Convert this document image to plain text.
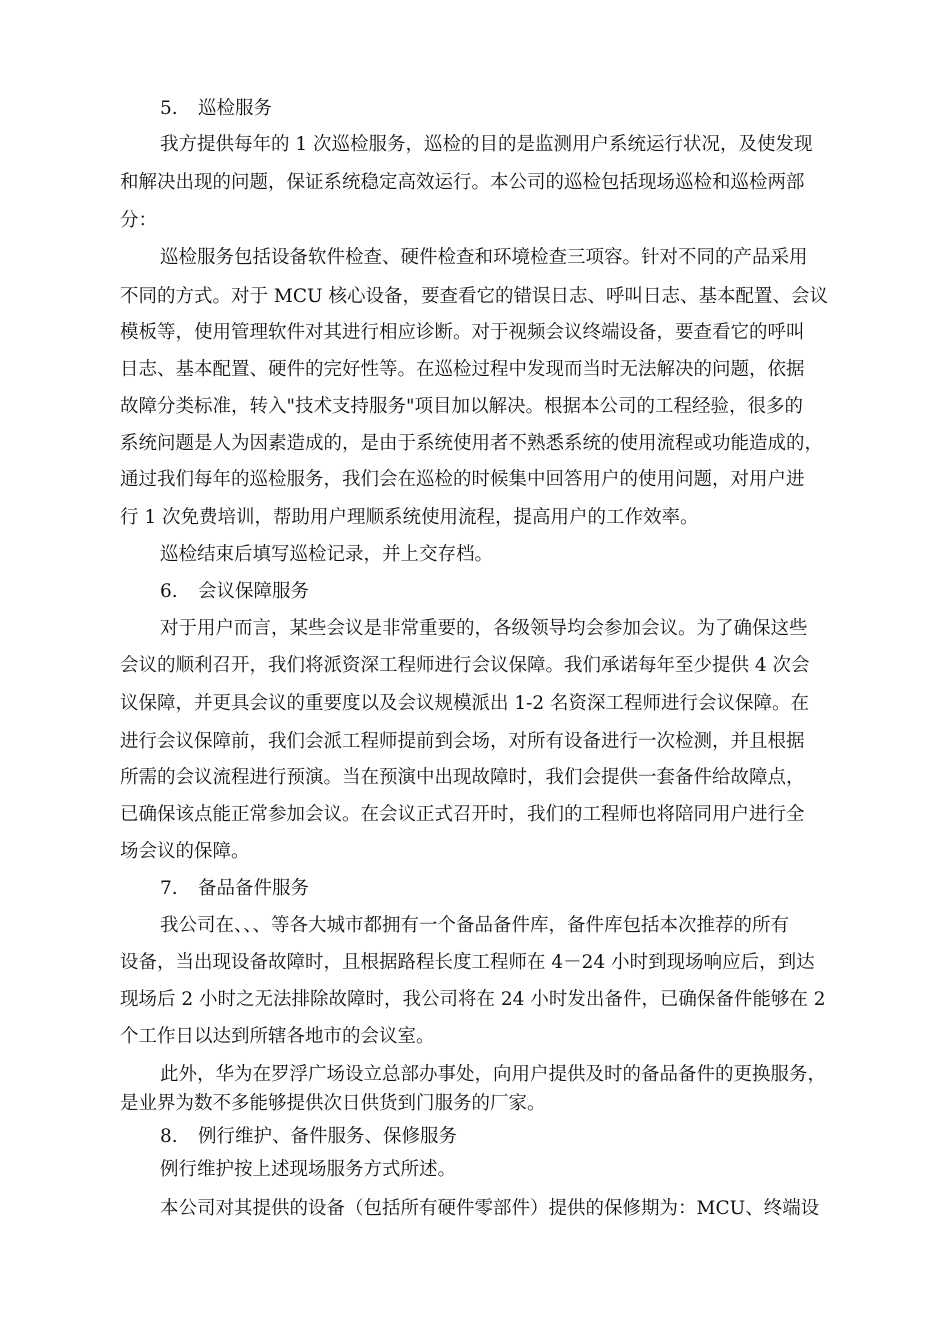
5. 巡检服务
我方提供每年的 1 次巡检服务，巡检的目的是监测用户系统运行状况，及使发现
和解决出现的问题，保证系统稳定高效运行。本公司的巡检包括现场巡检和巡检两部
分：
巡检服务包括设备软件检查、硬件检查和环境检查三项容。针对不同的产品采用
不同的方式。对于 MCU 核心设备，要查看它的错误日志、呼叫日志、基本配置、会议
模板等，使用管理软件对其进行相应诊断。对于视频会议终端设备，要查看它的呼叫
日志、基本配置、硬件的完好性等。在巡检过程中发现而当时无法解决的问题，依据
故障分类标准，转入"技术支持服务"项目加以解决。根据本公司的工程经验，很多的
系统问题是人为因素造成的，是由于系统使用者不熟悉系统的使用流程或功能造成的，
通过我们每年的巡检服务，我们会在巡检的时候集中回答用户的使用问题，对用户进
行 1 次免费培训，帮助用户理顺系统使用流程，提高用户的工作效率。
巡检结束后填写巡检记录，并上交存档。
6. 会议保障服务
对于用户而言，某些会议是非常重要的，各级领导均会参加会议。为了确保这些
会议的顺利召开，我们将派资深工程师进行会议保障。我们承诺每年至少提供 4 次会
议保障，并更具会议的重要度以及会议规模派出 1-2 名资深工程师进行会议保障。在
进行会议保障前，我们会派工程师提前到会场，对所有设备进行一次检测，并且根据
所需的会议流程进行预演。当在预演中出现故障时，我们会提供一套备件给故障点，
已确保该点能正常参加会议。在会议正式召开时，我们的工程师也将陪同用户进行全
场会议的保障。
7. 备品备件服务
我公司在、、、等各大城市都拥有一个备品备件库，备件库包括本次推荐的所有
设备，当出现设备故障时，且根据路程长度工程师在 4－24 小时到现场响应后，到达
现场后 2 小时之无法排除故障时，我公司将在 24 小时发出备件，已确保备件能够在 2
个工作日以达到所辖各地市的会议室。
此外，华为在罗浮广场设立总部办事处，向用户提供及时的备品备件的更换服务，
是业界为数不多能够提供次日供货到门服务的厂家。
8. 例行维护、备件服务、保修服务
例行维护按上述现场服务方式所述。
本公司对其提供的设备（包括所有硬件零部件）提供的保修期为：MCU、终端设
